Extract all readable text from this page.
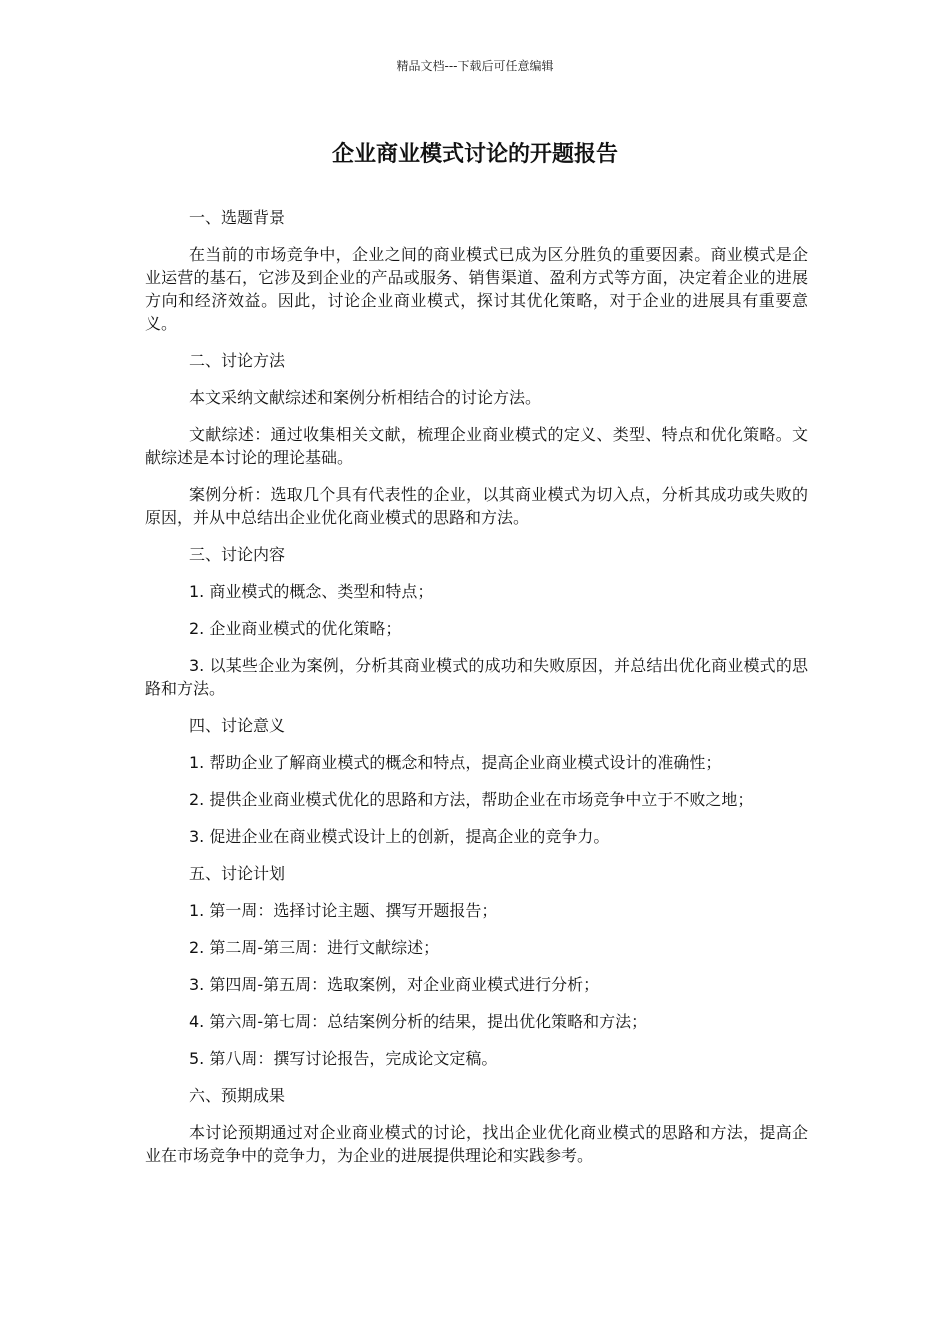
精品文档---下载后可任意编辑
企业商业模式讨论的开题报告

一、选题背景

在当前的市场竞争中，企业之间的商业模式已成为区分胜负的重要因素。商业模式是企业运营的基石，它涉及到企业的产品或服务、销售渠道、盈利方式等方面，决定着企业的进展方向和经济效益。因此，讨论企业商业模式，探讨其优化策略，对于企业的进展具有重要意义。

二、讨论方法

本文采纳文献综述和案例分析相结合的讨论方法。

文献综述：通过收集相关文献，梳理企业商业模式的定义、类型、特点和优化策略。文献综述是本讨论的理论基础。

案例分析：选取几个具有代表性的企业，以其商业模式为切入点，分析其成功或失败的原因，并从中总结出企业优化商业模式的思路和方法。

三、讨论内容

1. 商业模式的概念、类型和特点；

2. 企业商业模式的优化策略；

3. 以某些企业为案例，分析其商业模式的成功和失败原因，并总结出优化商业模式的思路和方法。

四、讨论意义

1. 帮助企业了解商业模式的概念和特点，提高企业商业模式设计的准确性；

2. 提供企业商业模式优化的思路和方法，帮助企业在市场竞争中立于不败之地；

3. 促进企业在商业模式设计上的创新，提高企业的竞争力。

五、讨论计划

1. 第一周：选择讨论主题、撰写开题报告；

2. 第二周-第三周：进行文献综述；

3. 第四周-第五周：选取案例，对企业商业模式进行分析；

4. 第六周-第七周：总结案例分析的结果，提出优化策略和方法；

5. 第八周：撰写讨论报告，完成论文定稿。

六、预期成果

本讨论预期通过对企业商业模式的讨论，找出企业优化商业模式的思路和方法，提高企业在市场竞争中的竞争力，为企业的进展提供理论和实践参考。
